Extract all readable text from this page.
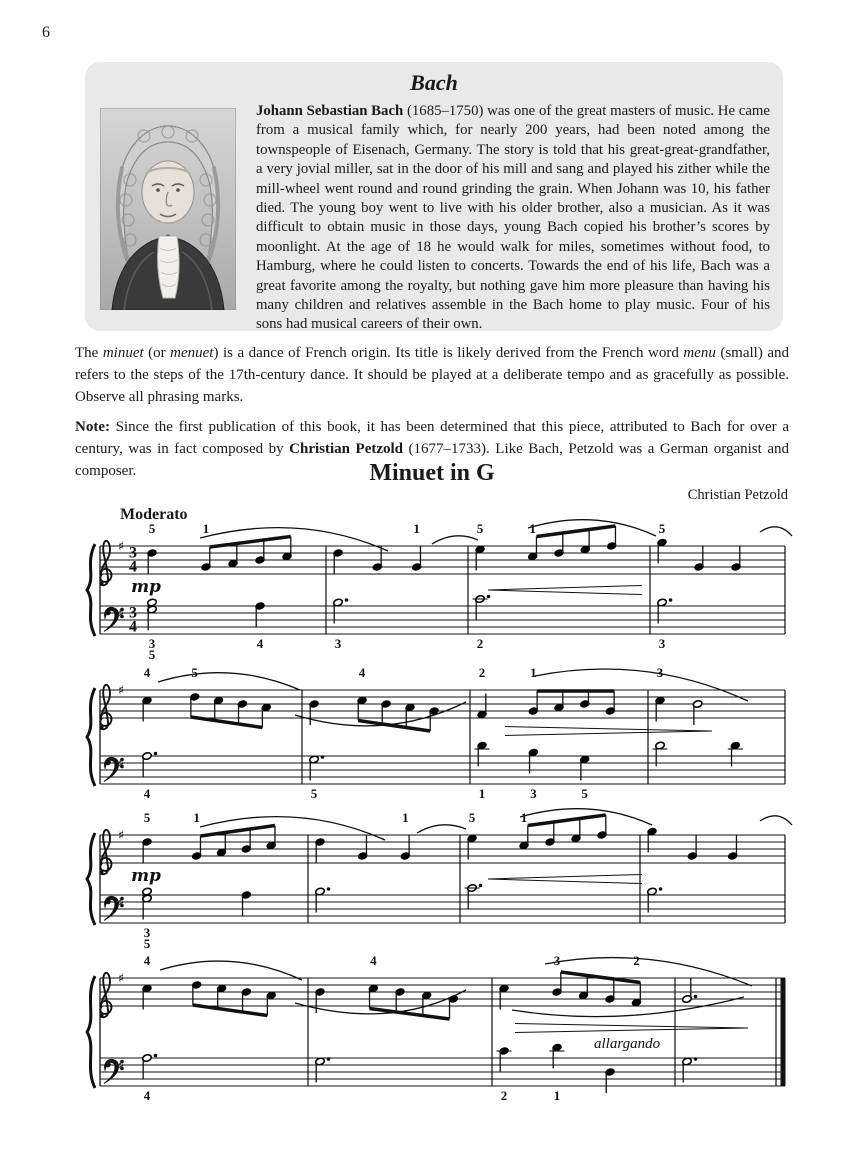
6
Bach
Johann Sebastian Bach (1685–1750) was one of the great masters of music. He came from a musical family which, for nearly 200 years, had been noted among the townspeople of Eisenach, Germany. The story is told that his great-great-grandfather, a very jovial miller, sat in the door of his mill and sang and played his zither while the mill-wheel went round and round grinding the grain. When Johann was 10, his father died. The young boy went to live with his older brother, also a musician. As it was difficult to obtain music in those days, young Bach copied his brother’s scores by moonlight. At the age of 18 he would walk for miles, sometimes without food, to Hamburg, where he could listen to concerts. Towards the end of his life, Bach was a great favorite among the royalty, but nothing gave him more pleasure than having his many children and relatives assemble in the Bach home to play music. Four of his sons had musical careers of their own.
The minuet (or menuet) is a dance of French origin. Its title is likely derived from the French word menu (small) and refers to the steps of the 17th-century dance. It should be played at a deliberate tempo and as gracefully as possible. Observe all phrasing marks.
Note: Since the first publication of this book, it has been determined that this piece, attributed to Bach for over a century, was in fact composed by Christian Petzold (1677–1733). Like Bach, Petzold was a German organist and composer.	Minuet in G
Christian Petzold
Moderato
♯
♯
3
4
3
4
5	1
3
5
4
1
3
5	1
2
5
3
mp
♯
♯
4	5
4
4
5
2	1
1	3	5
3
♯
♯
5	1
3
5
1	5	1
mp
♯
♯
4
4
4	3	2
2	1
allargando
